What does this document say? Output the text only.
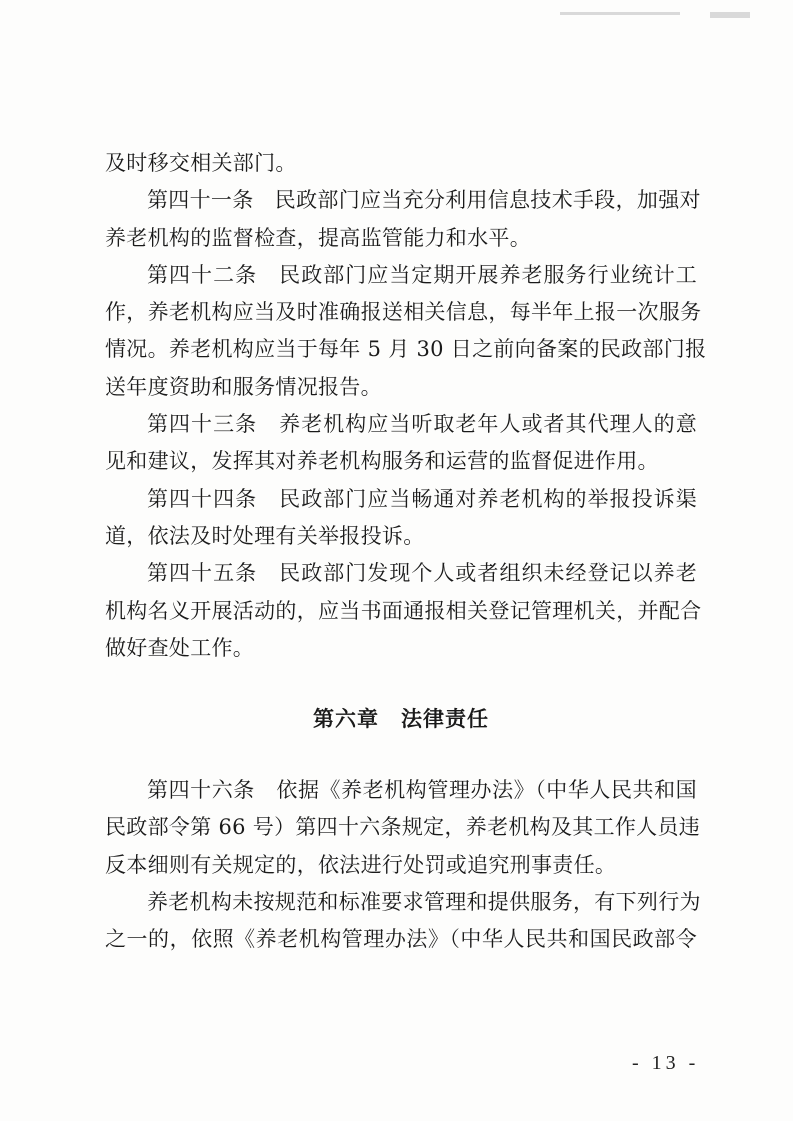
及时移交相关部门。
第四十一条　民政部门应当充分利用信息技术手段，加强对
养老机构的监督检查，提高监管能力和水平。
第四十二条　民政部门应当定期开展养老服务行业统计工
作，养老机构应当及时准确报送相关信息，每半年上报一次服务
情况。养老机构应当于每年 5 月 30 日之前向备案的民政部门报
送年度资助和服务情况报告。
第四十三条　养老机构应当听取老年人或者其代理人的意
见和建议，发挥其对养老机构服务和运营的监督促进作用。
第四十四条　民政部门应当畅通对养老机构的举报投诉渠
道，依法及时处理有关举报投诉。
第四十五条　民政部门发现个人或者组织未经登记以养老
机构名义开展活动的，应当书面通报相关登记管理机关，并配合
做好查处工作。
第六章 法律责任
第四十六条　依据《养老机构管理办法》（中华人民共和国
民政部令第 66 号）第四十六条规定，养老机构及其工作人员违
反本细则有关规定的，依法进行处罚或追究刑事责任。
养老机构未按规范和标准要求管理和提供服务，有下列行为
之一的，依照《养老机构管理办法》（中华人民共和国民政部令
- 13 -
